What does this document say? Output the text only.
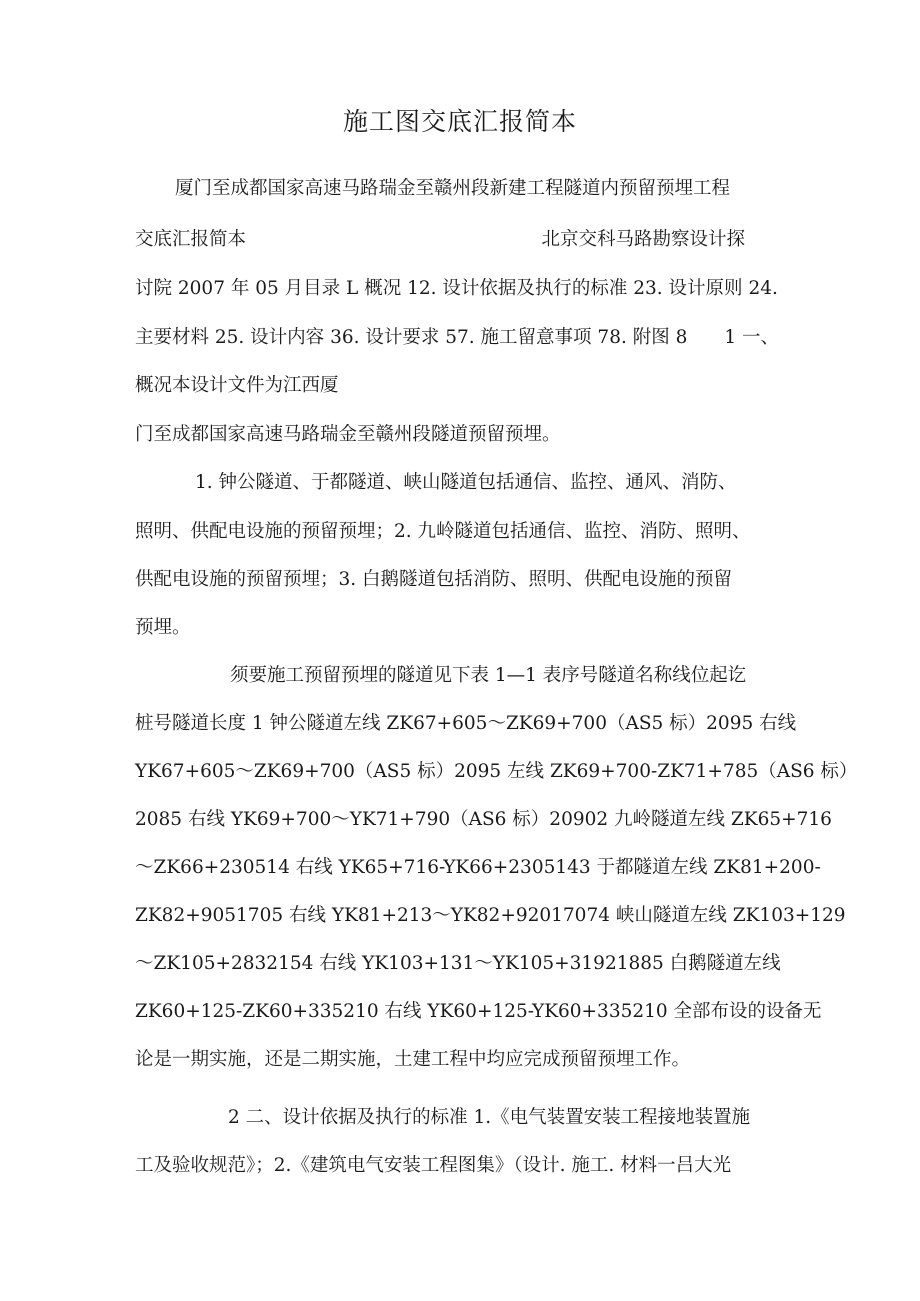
施工图交底汇报简本
厦门至成都国家高速马路瑞金至赣州段新建工程隧道内预留预埋工程
交底汇报简本	北京交科马路勘察设计探
讨院 2007 年 05 月目录 L 概况 12. 设计依据及执行的标准 23. 设计原则 24.
主要材料 25. 设计内容 36. 设计要求 57. 施工留意事项 78. 附图 8　　1 一、
概况本设计文件为江西厦
门至成都国家高速马路瑞金至赣州段隧道预留预埋。
1. 钟公隧道、于都隧道、峡山隧道包括通信、监控、通风、消防、
照明、供配电设施的预留预埋；2. 九岭隧道包括通信、监控、消防、照明、
供配电设施的预留预埋；3. 白鹅隧道包括消防、照明、供配电设施的预留
预埋。
须要施工预留预埋的隧道见下表 1—1 表序号隧道名称线位起讫
桩号隧道长度 1 钟公隧道左线 ZK67+605～ZK69+700（AS5 标）2095 右线
YK67+605～ZK69+700（AS5 标）2095 左线 ZK69+700-ZK71+785（AS6 标）
2085 右线 YK69+700～YK71+790（AS6 标）20902 九岭隧道左线 ZK65+716
～ZK66+230514 右线 YK65+716-YK66+2305143 于都隧道左线 ZK81+200-
ZK82+9051705 右线 YK81+213～YK82+92017074 峡山隧道左线 ZK103+129
～ZK105+2832154 右线 YK103+131～YK105+31921885 白鹅隧道左线
ZK60+125-ZK60+335210 右线 YK60+125-YK60+335210 全部布设的设备无
论是一期实施，还是二期实施，土建工程中均应完成预留预埋工作。
2 二、设计依据及执行的标准 1.《电气装置安装工程接地装置施
工及验收规范》；2.《建筑电气安装工程图集》（设计. 施工. 材料一吕大光
